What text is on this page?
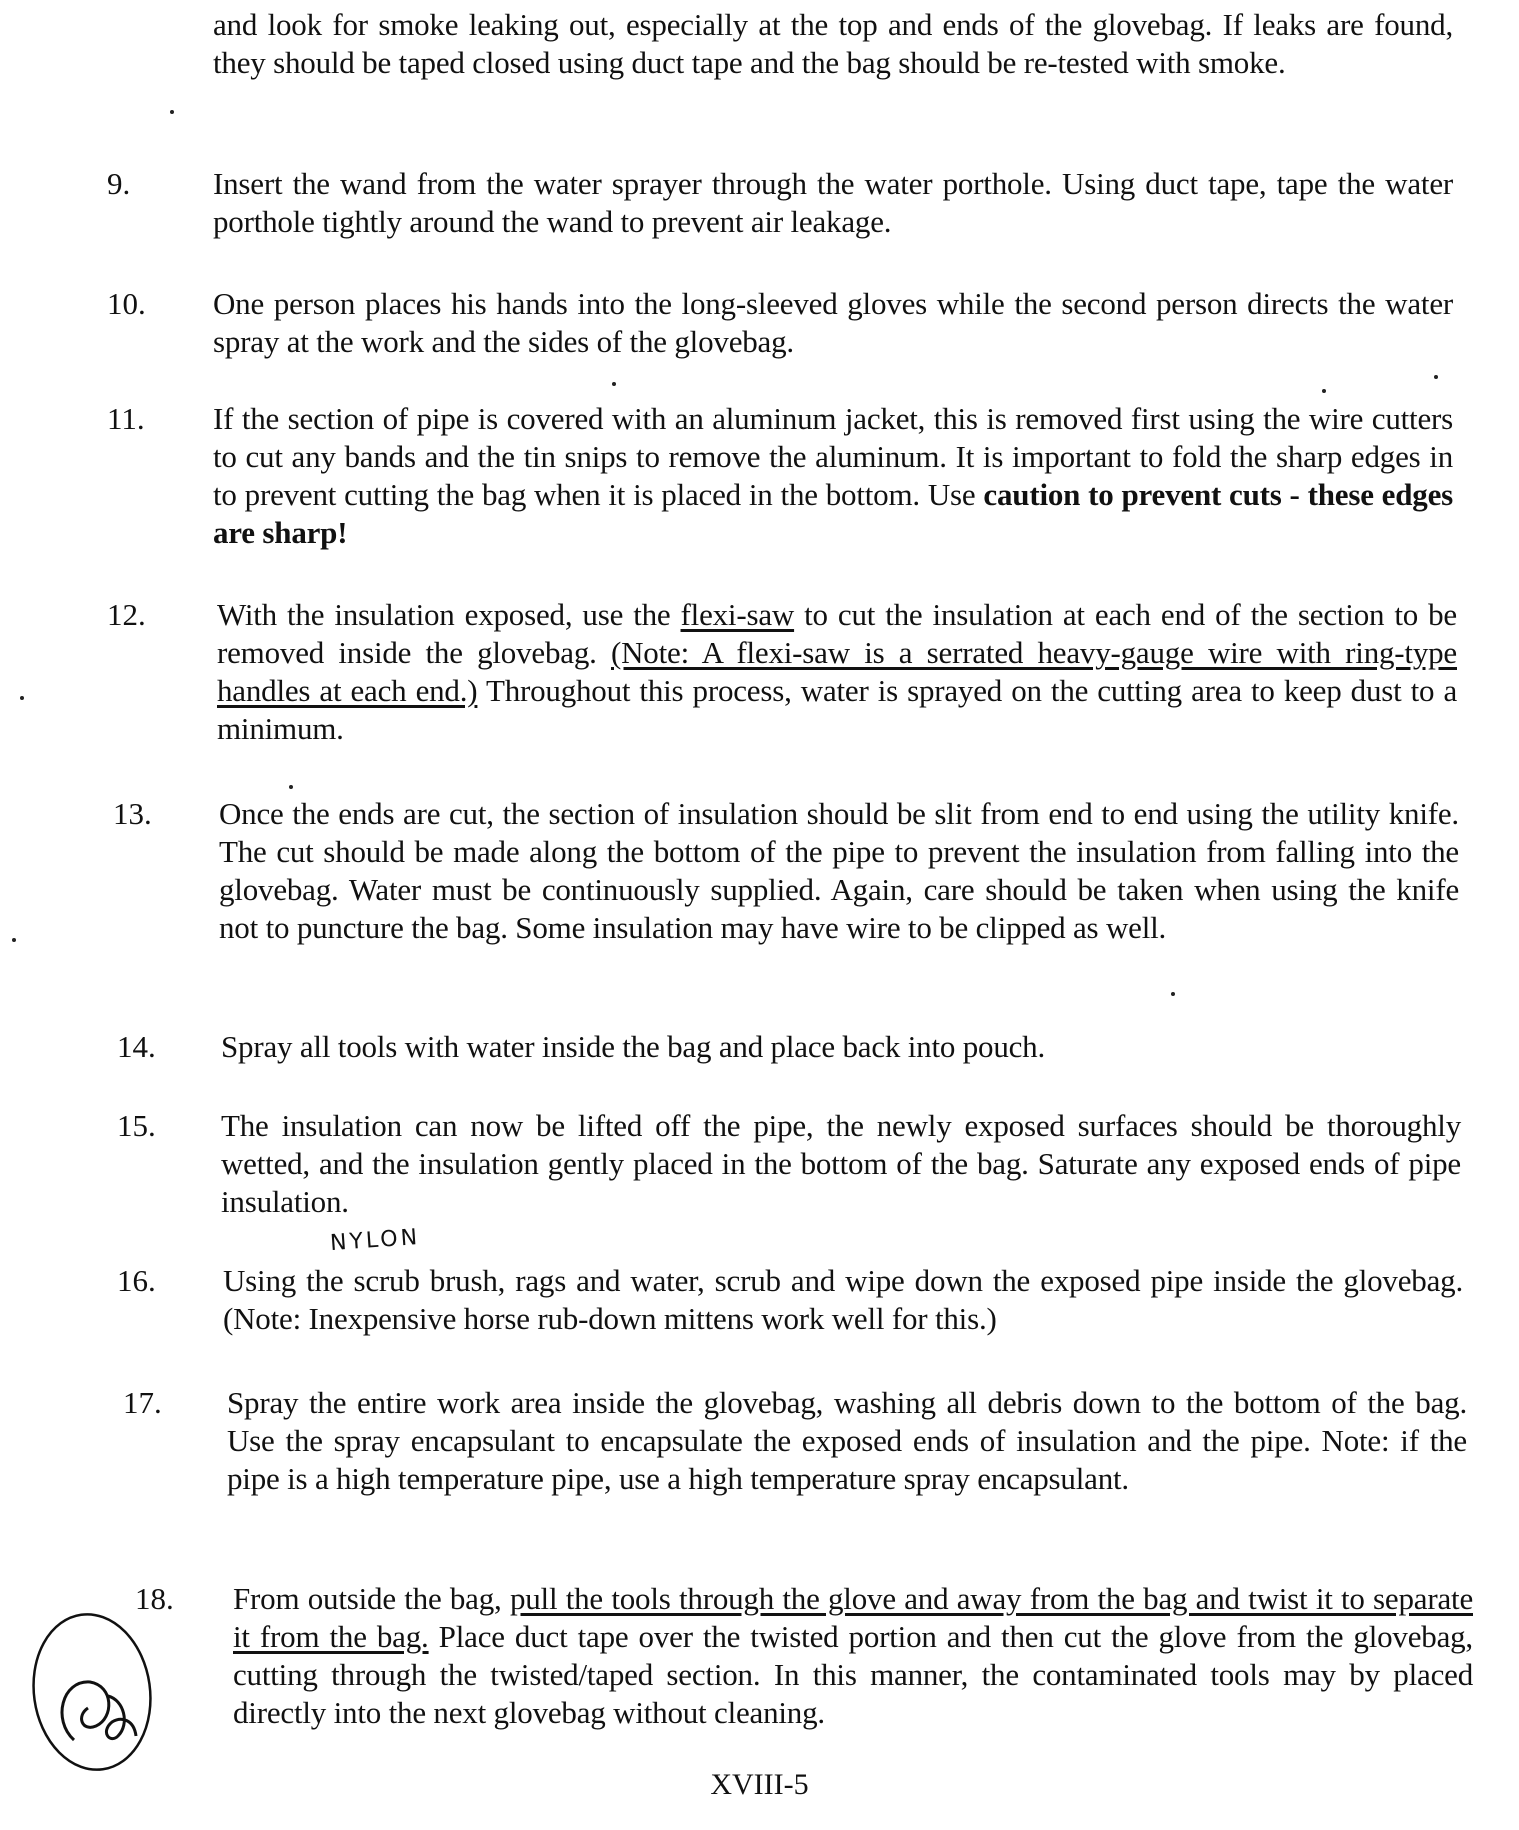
and look for smoke leaking out, especially at the top and ends of the glovebag. If leaks are found, they should be taped closed using duct tape and the bag should be re-tested with smoke.
9.	Insert the wand from the water sprayer through the water porthole. Using duct tape, tape the water porthole tightly around the wand to prevent air leakage.
10. One person places his hands into the long-sleeved gloves while the second person directs the water spray at the work and the sides of the glovebag.
11. If the section of pipe is covered with an aluminum jacket, this is removed first using the wire cutters to cut any bands and the tin snips to remove the aluminum. It is important to fold the sharp edges in to prevent cutting the bag when it is placed in the bottom. Use caution to prevent cuts - these edges are sharp!
12. With the insulation exposed, use the flexi-saw to cut the insulation at each end of the section to be removed inside the glovebag. (Note: A flexi-saw is a serrated heavy-gauge wire with ring-type handles at each end.) Throughout this process, water is sprayed on the cutting area to keep dust to a minimum.
13. Once the ends are cut, the section of insulation should be slit from end to end using the utility knife. The cut should be made along the bottom of the pipe to prevent the insulation from falling into the glovebag. Water must be continuously supplied. Again, care should be taken when using the knife not to puncture the bag. Some insulation may have wire to be clipped as well.
14. Spray all tools with water inside the bag and place back into pouch.
15. The insulation can now be lifted off the pipe, the newly exposed surfaces should be thoroughly wetted, and the insulation gently placed in the bottom of the bag. Saturate any exposed ends of pipe insulation.
NYLON
16. Using the scrub brush, rags and water, scrub and wipe down the exposed pipe inside the glovebag. (Note: Inexpensive horse rub-down mittens work well for this.)
17. Spray the entire work area inside the glovebag, washing all debris down to the bottom of the bag. Use the spray encapsulant to encapsulate the exposed ends of insulation and the pipe. Note: if the pipe is a high temperature pipe, use a high temperature spray encapsulant.
18. From outside the bag, pull the tools through the glove and away from the bag and twist it to separate it from the bag. Place duct tape over the twisted portion and then cut the glove from the glovebag, cutting through the twisted/taped section. In this manner, the contaminated tools may by placed directly into the next glovebag without cleaning.
XVIII-5
